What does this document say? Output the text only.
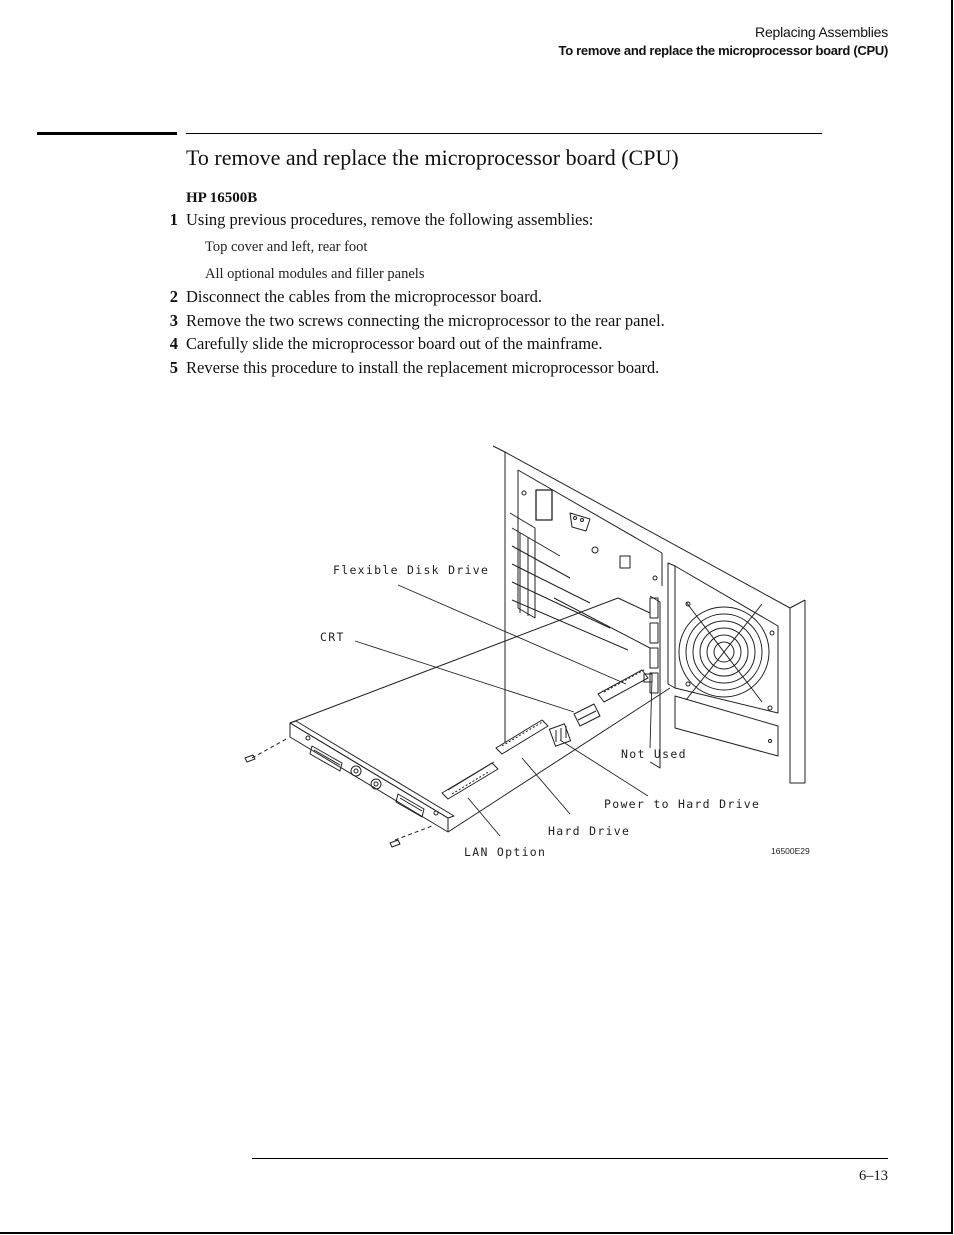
Replacing Assemblies
To remove and replace the microprocessor board (CPU)
To remove and replace the microprocessor board (CPU)
HP 16500B
1 Using previous procedures, remove the following assemblies:
Top cover and left, rear foot
All optional modules and filler panels
2 Disconnect the cables from the microprocessor board.
3 Remove the two screws connecting the microprocessor to the rear panel.
4 Carefully slide the microprocessor board out of the mainframe.
5 Reverse this procedure to install the replacement microprocessor board.
Flexible Disk Drive
CRT
Not Used
Power to Hard Drive
Hard Drive
LAN Option	16500E29
6–13
